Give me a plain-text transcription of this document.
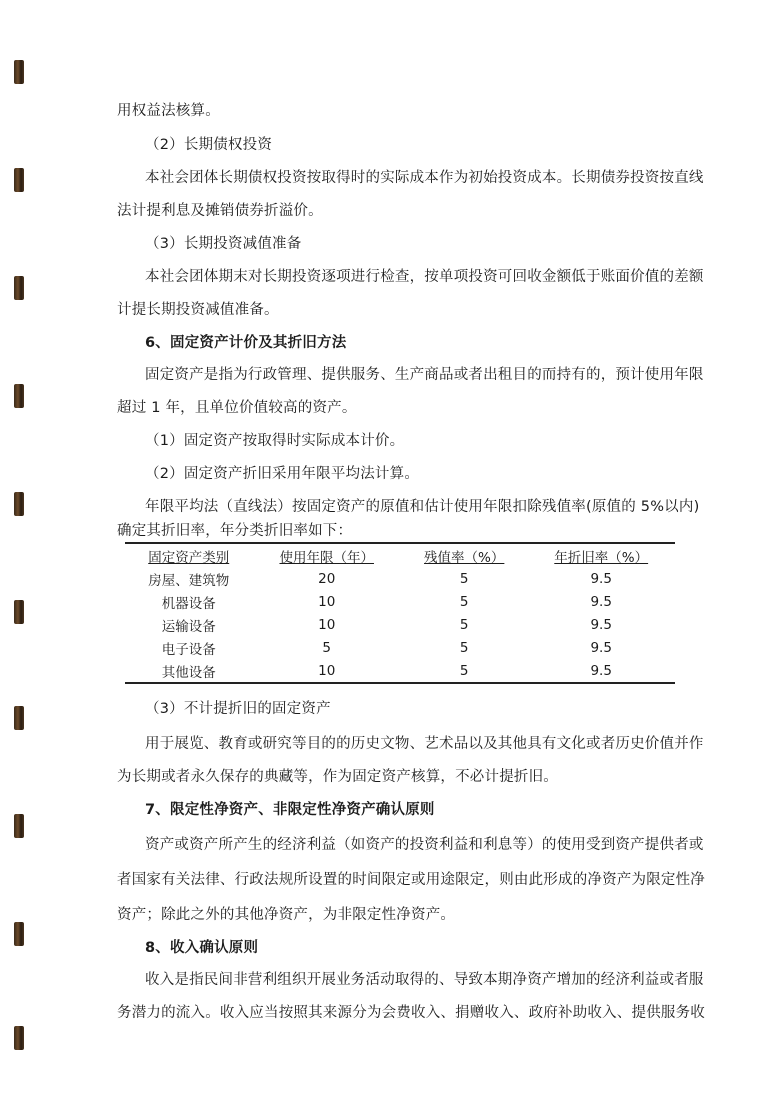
用权益法核算。
（2）长期债权投资
本社会团体长期债权投资按取得时的实际成本作为初始投资成本。长期债券投资按直线
法计提利息及摊销债券折溢价。
（3）长期投资减值准备
本社会团体期末对长期投资逐项进行检查，按单项投资可回收金额低于账面价值的差额
计提长期投资减值准备。
6、固定资产计价及其折旧方法
固定资产是指为行政管理、提供服务、生产商品或者出租目的而持有的，预计使用年限
超过 1 年，且单位价值较高的资产。
（1）固定资产按取得时实际成本计价。
（2）固定资产折旧采用年限平均法计算。
年限平均法（直线法）按固定资产的原值和估计使用年限扣除残值率(原值的 5%以内)
确定其折旧率，年分类折旧率如下：
固定资产类别	使用年限（年）	残值率（%）	年折旧率（%）
房屋、建筑物	20	5	9.5
机器设备	10	5	9.5
运输设备	10	5	9.5
电子设备	5	5	9.5
其他设备	10	5	9.5
（3）不计提折旧的固定资产
用于展览、教育或研究等目的的历史文物、艺术品以及其他具有文化或者历史价值并作
为长期或者永久保存的典藏等，作为固定资产核算，不必计提折旧。
7、限定性净资产、非限定性净资产确认原则
资产或资产所产生的经济利益（如资产的投资利益和利息等）的使用受到资产提供者或
者国家有关法律、行政法规所设置的时间限定或用途限定，则由此形成的净资产为限定性净
资产；除此之外的其他净资产，为非限定性净资产。
8、收入确认原则
收入是指民间非营利组织开展业务活动取得的、导致本期净资产增加的经济利益或者服
务潜力的流入。收入应当按照其来源分为会费收入、捐赠收入、政府补助收入、提供服务收
